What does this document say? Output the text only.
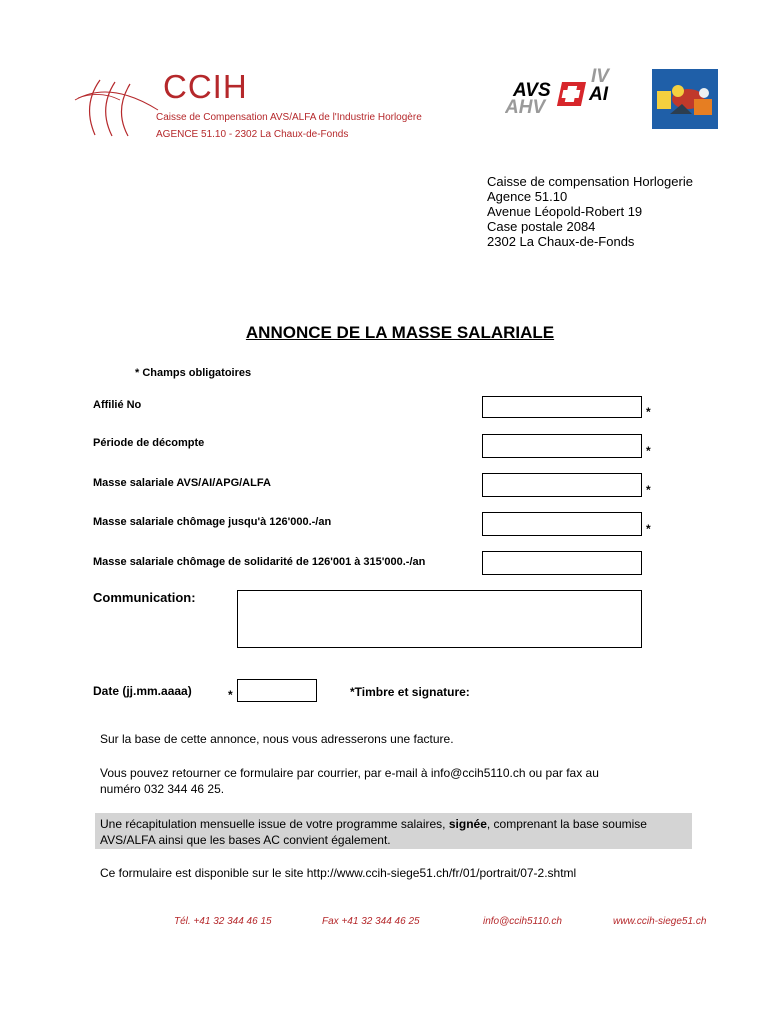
CCIH
Caisse de Compensation AVS/ALFA de l'Industrie Horlogère
AGENCE 51.10 - 2302 La Chaux-de-Fonds
AVS
AHV
IV
AI
Caisse de compensation Horlogerie
Agence 51.10
Avenue Léopold-Robert 19
Case postale 2084
2302 La Chaux-de-Fonds
ANNONCE DE LA MASSE SALARIALE
* Champs obligatoires
Affilié No	*
Période de décompte
*
Masse salariale AVS/AI/APG/ALFA	*
Masse salariale chômage jusqu'à 126'000.-/an	*
Masse salariale chômage de solidarité de 126'001 à 315'000.-/an
Communication:
Date (jj.mm.aaaa)	*	*Timbre et signature:
Sur la base de cette annonce, nous vous adresserons une facture.
Vous pouvez retourner ce formulaire par courrier, par e-mail à info@ccih5110.ch ou par fax au
numéro 032 344 46 25.
Une récapitulation mensuelle issue de votre programme salaires, signée, comprenant la base soumise
AVS/ALFA ainsi que les bases AC convient également.
Ce formulaire est disponible sur le site http://www.ccih-siege51.ch/fr/01/portrait/07-2.shtml
Tél. +41 32 344 46 15	Fax +41 32 344 46 25	info@ccih5110.ch	www.ccih-siege51.ch
